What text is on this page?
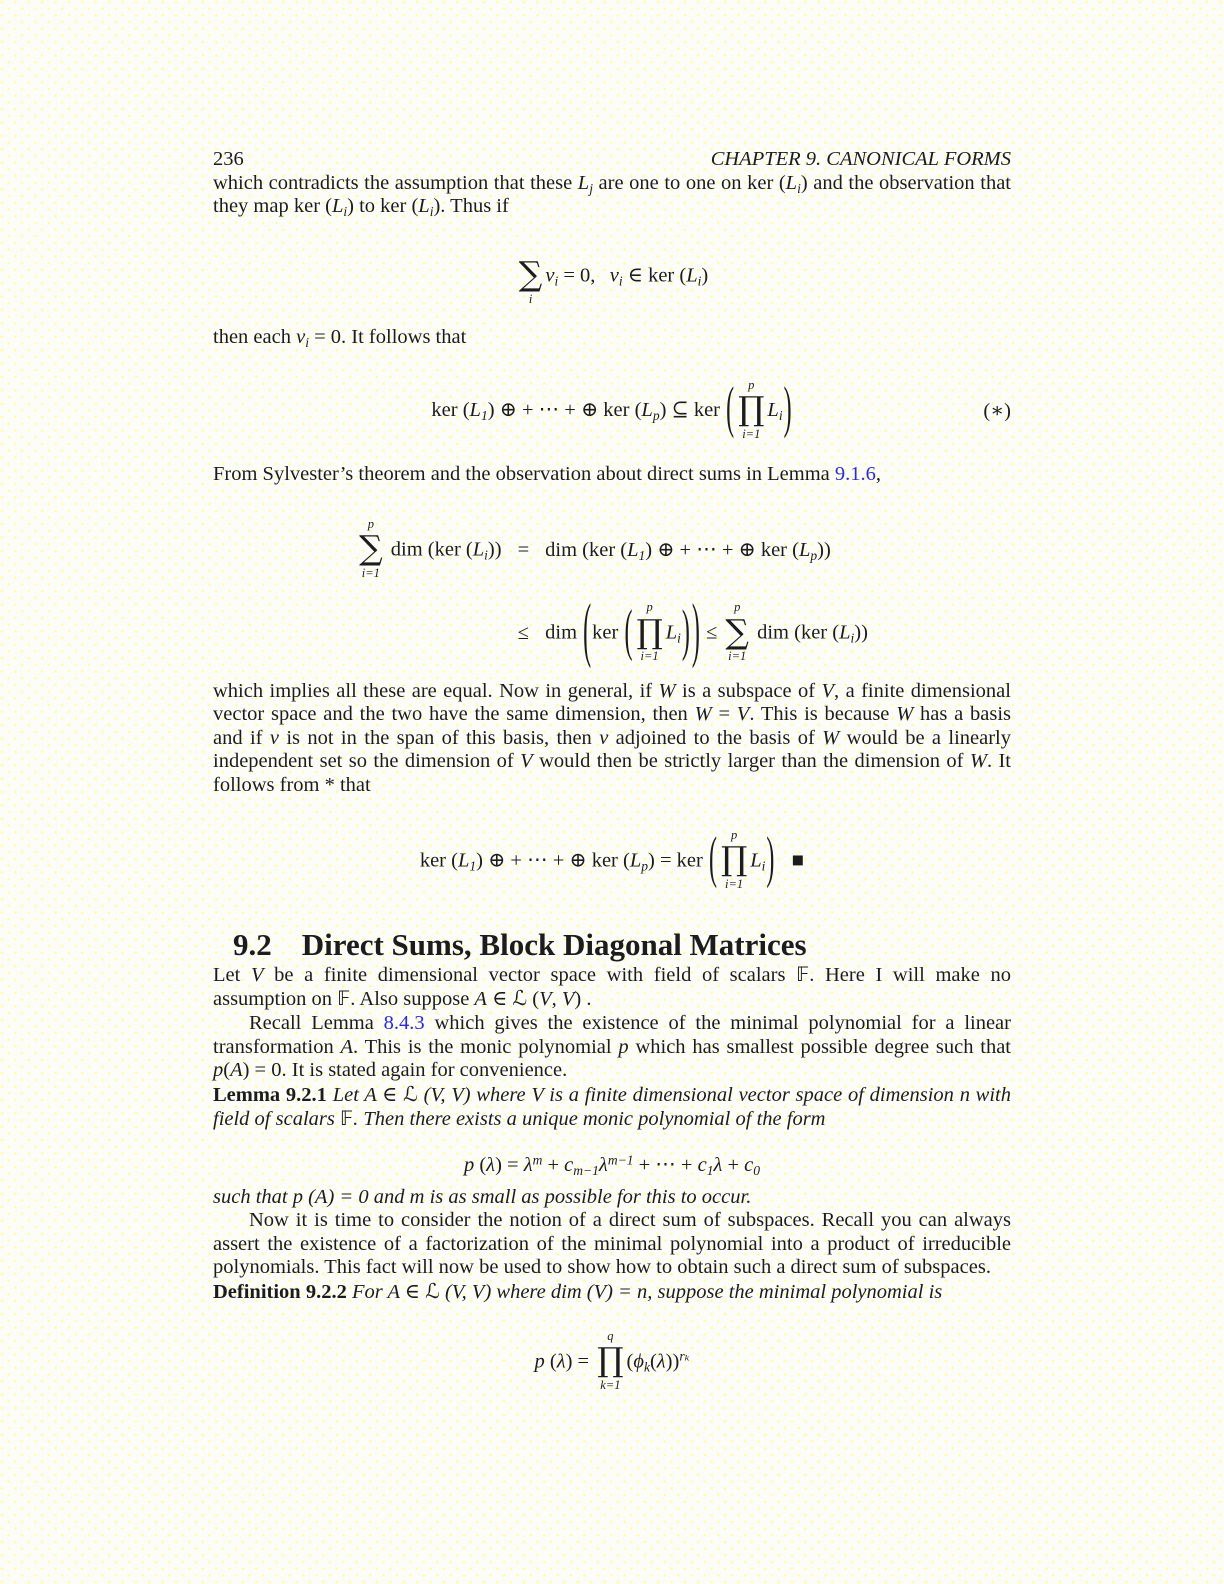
236	CHAPTER 9. CANONICAL FORMS

which contradicts the assumption that these $L_j$ are one to one on ker $(L_i)$ and the observation that they map ker $(L_i)$ to ker $(L_i)$. Thus if

∑
i
$v_i = 0$, $v_i$ ∈ ker $(L_i)$

then each $v_i = 0$. It follows that

ker $(L_1)$ ⊕ + ⋯ + ⊕ ker $(L_p)$ ⊆ ker ( p
∏
i=1
$L_i$)	(∗)

From Sylvester’s theorem and the observation about direct sums in Lemma 9.1.6,

p
∑
i=1
dim (ker $(L_i)$) = dim (ker $(L_1)$ ⊕ + ⋯ + ⊕ ker $(L_p)$)
≤ dim (ker ( p
∏
i=1
$L_i$)) ≤
p
∑
i=1
dim (ker $(L_i)$)

which implies all these are equal. Now in general, if W is a subspace of V, a finite dimensional vector space and the two have the same dimension, then W = V. This is because W has a basis and if v is not in the span of this basis, then v adjoined to the basis of W would be a linearly independent set so the dimension of V would then be strictly larger than the dimension of W. It follows from * that

ker $(L_1)$ ⊕ + ⋯ + ⊕ ker $(L_p)$ = ker ( p
∏
i=1
$L_i$) ■
9.2 Direct Sums, Block Diagonal Matrices

Let V be a finite dimensional vector space with field of scalars 𝔽. Here I will make no assumption on 𝔽. Also suppose A ∈ ℒ (V, V) .

Recall Lemma 8.4.3 which gives the existence of the minimal polynomial for a linear transformation A. This is the monic polynomial p which has smallest possible degree such that p(A) = 0. It is stated again for convenience.

Lemma 9.2.1 Let A ∈ ℒ (V, V) where V is a finite dimensional vector space of dimension n with field of scalars 𝔽. Then there exists a unique monic polynomial of the form

p $(\lambda) = \lambda^m + c_{m-1}\lambda^{m-1}$ + ⋯ + $c_1\lambda + c_0$

such that p (A) = 0 and m is as small as possible for this to occur.

Now it is time to consider the notion of a direct sum of subspaces. Recall you can always assert the existence of a factorization of the minimal polynomial into a product of irreducible polynomials. This fact will now be used to show how to obtain such a direct sum of subspaces.

Definition 9.2.2 For A ∈ ℒ (V, V) where dim (V) = n, suppose the minimal polynomial is

p (λ) =
q
∏
k=1
$(\phi_k(\lambda))^{r_k}$
